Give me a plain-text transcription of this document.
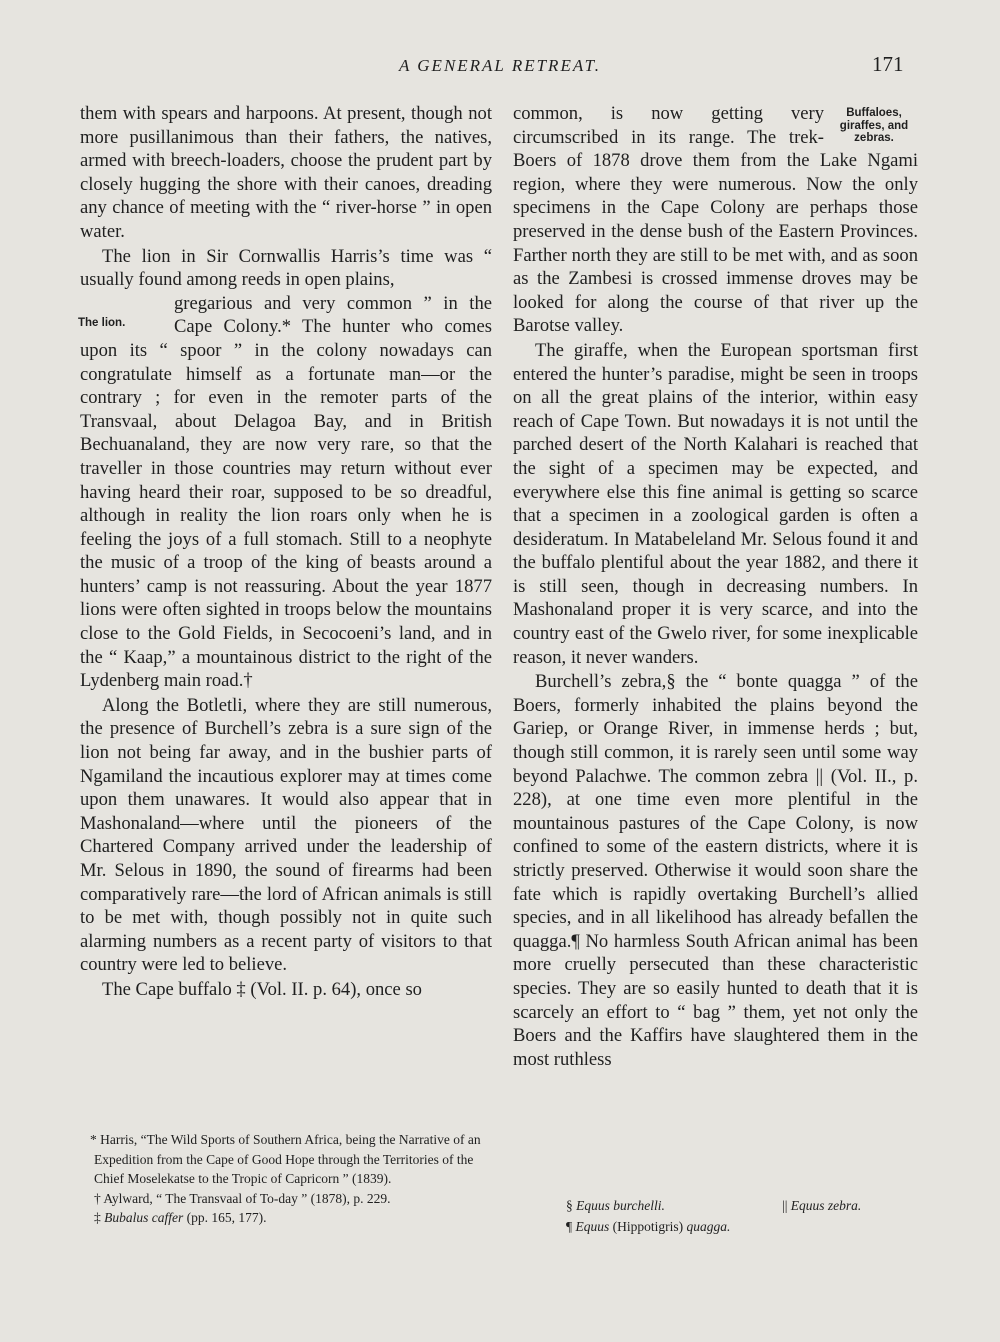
A GENERAL RETREAT.	171

them with spears and harpoons. At present, though not more pusillanimous than their fathers, the natives, armed with breech-loaders, choose the prudent part by closely hugging the shore with their canoes, dreading any chance of meeting with the “ river-horse ” in open water.

The lion in Sir Cornwallis Harris’s time was “ usually found among reeds in open plains,

The lion.

gregarious and very common ” in the Cape Colony.* The hunter who comes upon its “ spoor ” in the colony nowadays can congratulate himself as a fortunate man—or the contrary ; for even in the remoter parts of the Transvaal, about Delagoa Bay, and in British Bechuanaland, they are now very rare, so that the traveller in those countries may return without ever having heard their roar, supposed to be so dreadful, although in reality the lion roars only when he is feeling the joys of a full stomach. Still to a neophyte the music of a troop of the king of beasts around a hunters’ camp is not reassuring. About the year 1877 lions were often sighted in troops below the mountains close to the Gold Fields, in Secocoeni’s land, and in the “ Kaap,” a mountainous district to the right of the Lydenberg main road.†

Along the Botletli, where they are still numerous, the presence of Burchell’s zebra is a sure sign of the lion not being far away, and in the bushier parts of Ngamiland the incautious explorer may at times come upon them unawares. It would also appear that in Mashonaland—where until the pioneers of the Chartered Company arrived under the leadership of Mr. Selous in 1890, the sound of firearms had been comparatively rare—the lord of African animals is still to be met with, though possibly not in quite such alarming numbers as a recent party of visitors to that country were led to believe.

The Cape buffalo ‡ (Vol. II. p. 64), once so

Buffaloes, giraffes, and zebras.

common, is now getting very circumscribed in its range. The trek-Boers of 1878 drove them from the Lake Ngami region, where they were numerous. Now the only specimens in the Cape Colony are perhaps those preserved in the dense bush of the Eastern Provinces. Farther north they are still to be met with, and as soon as the Zambesi is crossed immense droves may be looked for along the course of that river up the Barotse valley.

The giraffe, when the European sportsman first entered the hunter’s paradise, might be seen in troops on all the great plains of the interior, within easy reach of Cape Town. But nowadays it is not until the parched desert of the North Kalahari is reached that the sight of a specimen may be expected, and everywhere else this fine animal is getting so scarce that a specimen in a zoological garden is often a desideratum. In Matabeleland Mr. Selous found it and the buffalo plentiful about the year 1882, and there it is still seen, though in decreasing numbers. In Mashonaland proper it is very scarce, and into the country east of the Gwelo river, for some inexplicable reason, it never wanders.

Burchell’s zebra,§ the “ bonte quagga ” of the Boers, formerly inhabited the plains beyond the Gariep, or Orange River, in immense herds ; but, though still common, it is rarely seen until some way beyond Palachwe. The common zebra || (Vol. II., p. 228), at one time even more plentiful in the mountainous pastures of the Cape Colony, is now confined to some of the eastern districts, where it is strictly preserved. Otherwise it would soon share the fate which is rapidly overtaking Burchell’s allied species, and in all likelihood has already befallen the quagga.¶ No harmless South African animal has been more cruelly persecuted than these characteristic species. They are so easily hunted to death that it is scarcely an effort to “ bag ” them, yet not only the Boers and the Kaffirs have slaughtered them in the most ruthless

* Harris, “The Wild Sports of Southern Africa, being the Narrative of an Expedition from the Cape of Good Hope through the Territories of the Chief Moselekatse to the Tropic of Capricorn ” (1839).
† Aylward, “ The Transvaal of To-day ” (1878), p. 229.
‡ Bubalus caffer (pp. 165, 177).
§ Equus burchelli.	|| Equus zebra.
¶ Equus (Hippotigris) quagga.
